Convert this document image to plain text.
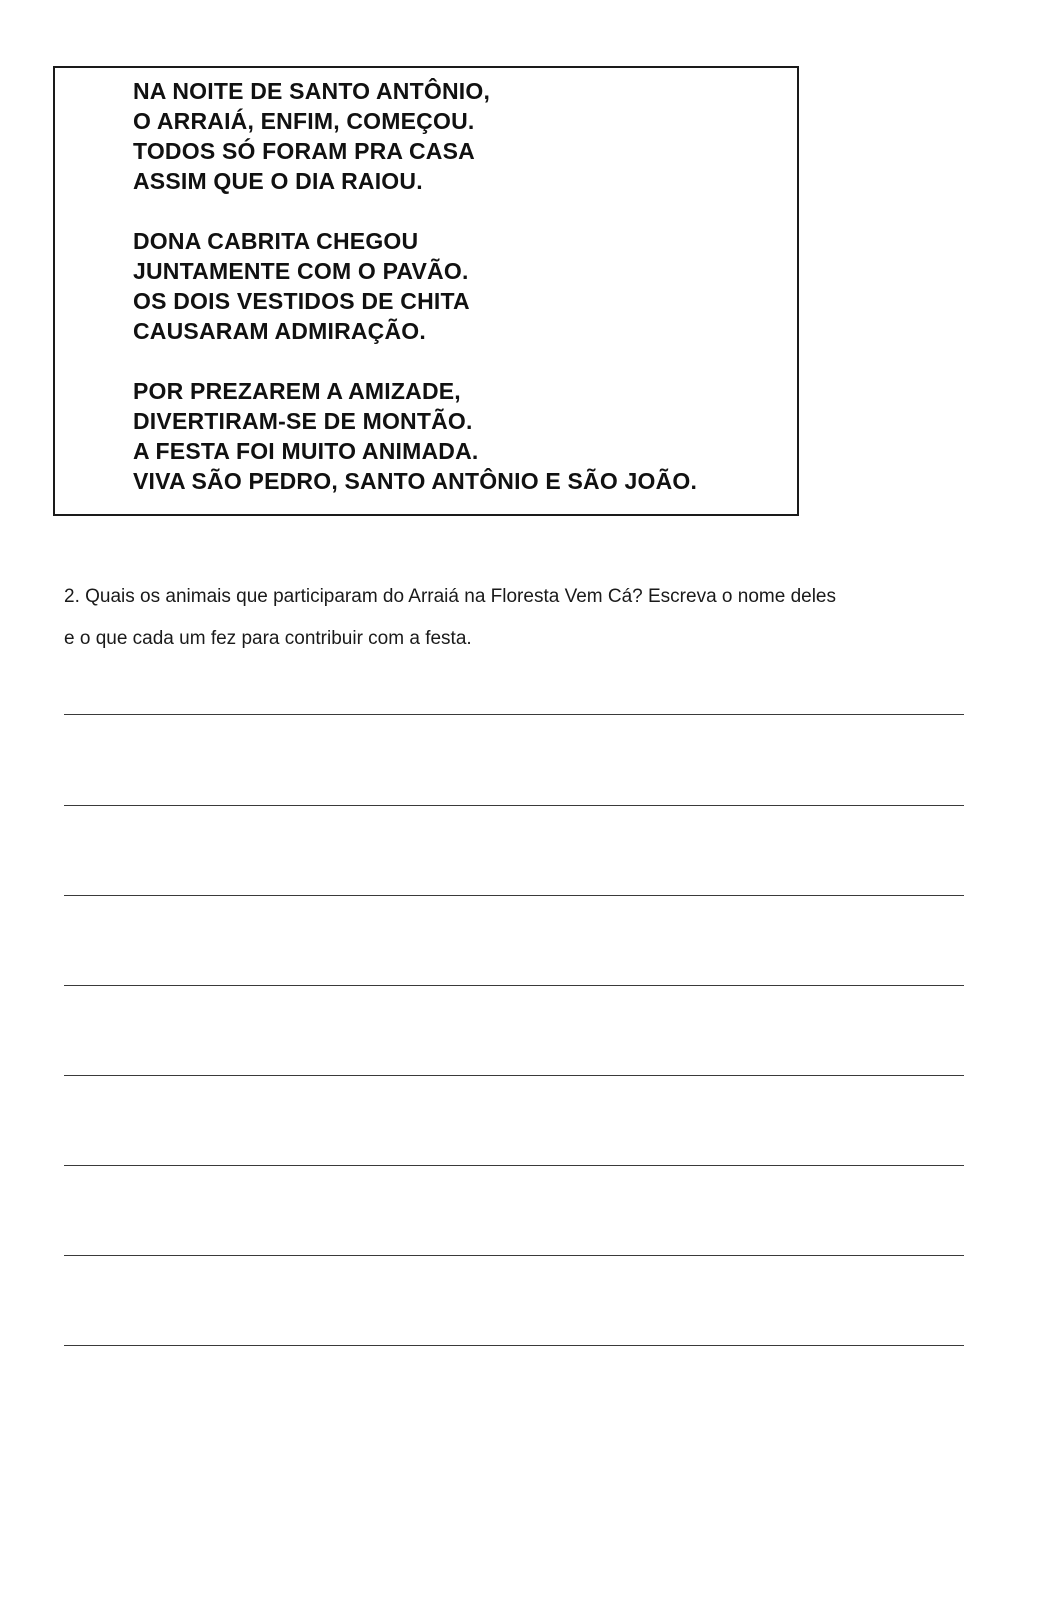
NA NOITE DE SANTO ANTÔNIO,
O ARRAIÁ, ENFIM, COMEÇOU.
TODOS SÓ FORAM PRA CASA
ASSIM QUE O DIA RAIOU.
DONA CABRITA CHEGOU
JUNTAMENTE COM O PAVÃO.
OS DOIS VESTIDOS DE CHITA
CAUSARAM ADMIRAÇÃO.
POR PREZAREM A AMIZADE,
DIVERTIRAM-SE DE MONTÃO.
A FESTA FOI MUITO ANIMADA.
VIVA SÃO PEDRO, SANTO ANTÔNIO E SÃO JOÃO.
2. Quais os animais que participaram do Arraiá na Floresta Vem Cá? Escreva o nome deles
e o que cada um fez para contribuir com a festa.
